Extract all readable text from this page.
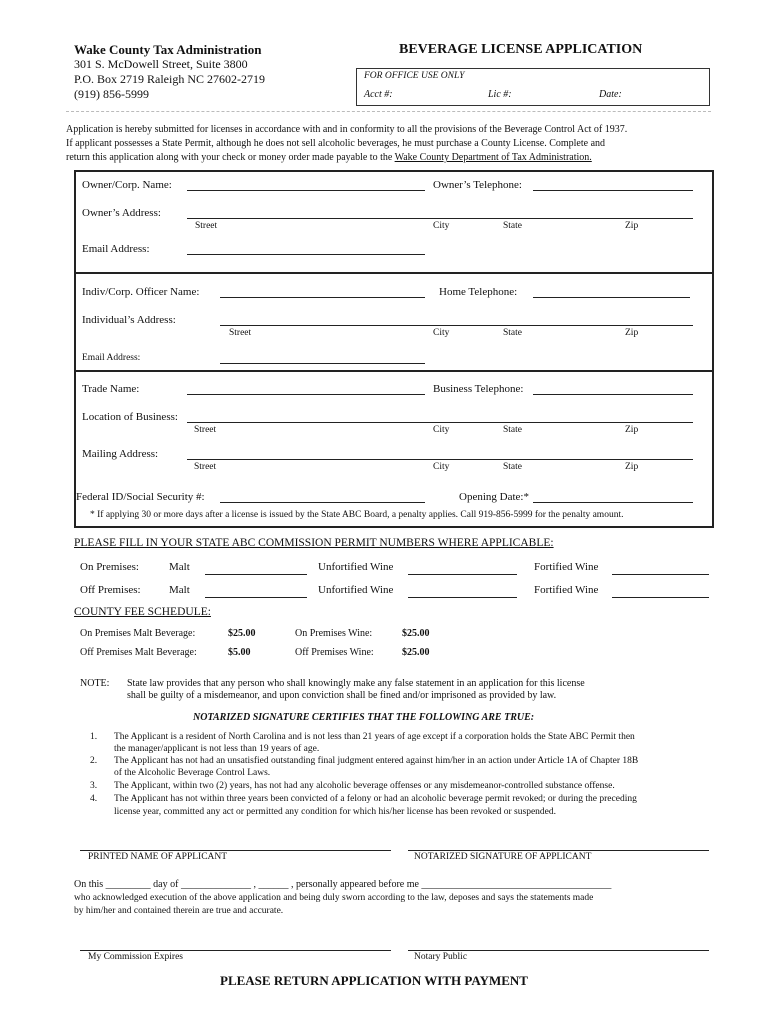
Wake County Tax Administration
301 S. McDowell Street, Suite 3800
P.O. Box 2719 Raleigh NC 27602-2719
(919) 856-5999
BEVERAGE LICENSE APPLICATION
FOR OFFICE USE ONLY
Acct #:	Lic #:	Date:
Application is hereby submitted for licenses in accordance with and in conformity to all the provisions of the Beverage Control Act of 1937.
If applicant possesses a State Permit, although he does not sell alcoholic beverages, he must purchase a County License. Complete and
return this application along with your check or money order made payable to the Wake County Department of Tax Administration.
Owner/Corp. Name:	Owner’s Telephone:
Owner’s Address:
Street	City	State	Zip
Email Address:
Indiv/Corp. Officer Name:	Home Telephone:
Individual’s Address:
Street	City	State	Zip
Email Address:
Trade Name:	Business Telephone:
Location of Business:
Street	City	State	Zip
Mailing Address:
Street	City	State	Zip
Federal ID/Social Security #:	Opening Date:*
* If applying 30 or more days after a license is issued by the State ABC Board, a penalty applies. Call 919-856-5999 for the penalty amount.
PLEASE FILL IN YOUR STATE ABC COMMISSION PERMIT NUMBERS WHERE APPLICABLE:
On Premises:	Malt	Unfortified Wine	Fortified Wine
Off Premises:	Malt	Unfortified Wine	Fortified Wine
COUNTY FEE SCHEDULE:
On Premises Malt Beverage:	$25.00	On Premises Wine:	$25.00
Off Premises Malt Beverage:	$5.00	Off Premises Wine:	$25.00
NOTE: State law provides that any person who shall knowingly make any false statement in an application for this license
shall be guilty of a misdemeanor, and upon conviction shall be fined and/or imprisoned as provided by law.
NOTARIZED SIGNATURE CERTIFIES THAT THE FOLLOWING ARE TRUE:
1. The Applicant is a resident of North Carolina and is not less than 21 years of age except if a corporation holds the State ABC Permit then
the manager/applicant is not less than 19 years of age.
2. The Applicant has not had an unsatisfied outstanding final judgment entered against him/her in an action under Article 1A of Chapter 18B
of the Alcoholic Beverage Control Laws.
3. The Applicant, within two (2) years, has not had any alcoholic beverage offenses or any misdemeanor-controlled substance offense.
4. The Applicant has not within three years been convicted of a felony or had an alcoholic beverage permit revoked; or during the preceding
license year, committed any act or permitted any condition for which his/her license has been revoked or suspended.
PRINTED NAME OF APPLICANT	NOTARIZED SIGNATURE OF APPLICANT
On this _________ day of ______________ , ______ , personally appeared before me ______________________________________
who acknowledged execution of the above application and being duly sworn according to the law, deposes and says the statements made
by him/her and contained therein are true and accurate.
My Commission Expires	Notary Public
PLEASE RETURN APPLICATION WITH PAYMENT
